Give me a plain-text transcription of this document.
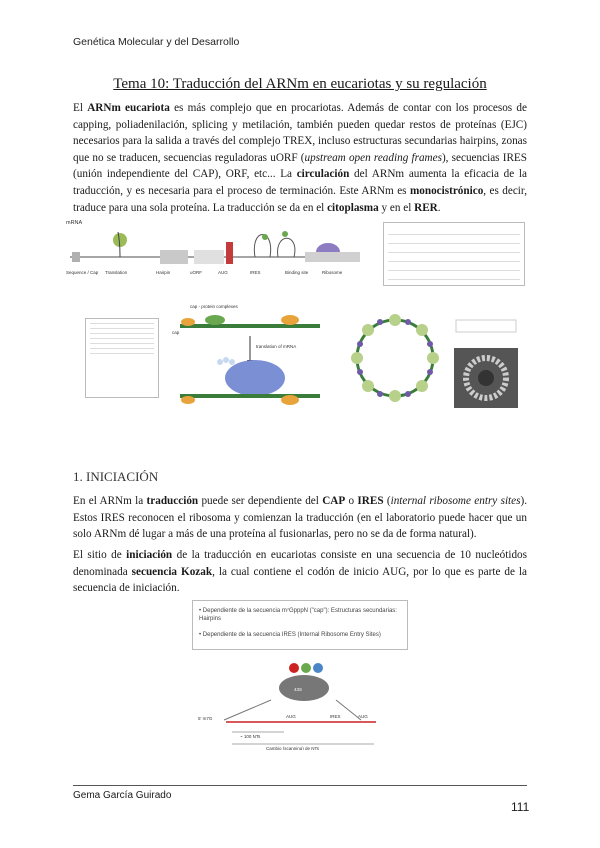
Genética Molecular y del Desarrollo
Tema 10: Traducción del ARNm en eucariotas y su regulación
El ARNm eucariota es más complejo que en procariotas. Además de contar con los procesos de capping, poliadenilación, splicing y metilación, también pueden quedar restos de proteínas (EJC) necesarios para la salida a través del complejo TREX, incluso estructuras secundarias hairpins, zonas que no se traducen, secuencias reguladoras uORF (upstream open reading frames), secuencias IRES (unión independiente del CAP), ORF, etc... La circulación del ARNm aumenta la eficacia de la traducción, y es necesaria para el proceso de terminación. Este ARNm es monocistrónico, es decir, traduce para una sola proteína. La traducción se da en el citoplasma y en el RER.
mRNA
Sequence / Cap Translation	Hairpin	uORF	AUG	IRES	Binding site	Ribosome
cap - protein complexes
cap
translation of mRNA
1. INICIACIÓN
En el ARNm la traducción puede ser dependiente del CAP o IRES (internal ribosome entry sites). Estos IRES reconocen el ribosoma y comienzan la traducción (en el laboratorio puede hacer que un solo ARNm dé lugar a más de una proteína al fusionarlas, pero no se da de forma natural).
El sitio de iniciación de la traducción en eucariotas consiste en una secuencia de 10 nucleótidos denominada secuencia Kozak, la cual contiene el codón de inicio AUG, por lo que es parte de la secuencia de iniciación.
• Dependiente de la secuencia m⁷GpppN ("cap"): Estructuras secundarias: Hairpins
• Dependiente de la secuencia IRES (Internal Ribosome Entry Sites)
43S
5' m7G	AUG	IRES	AUG
~ 100 NTs
Cambio (scanning) de NTs
Gema García Guirado
111
